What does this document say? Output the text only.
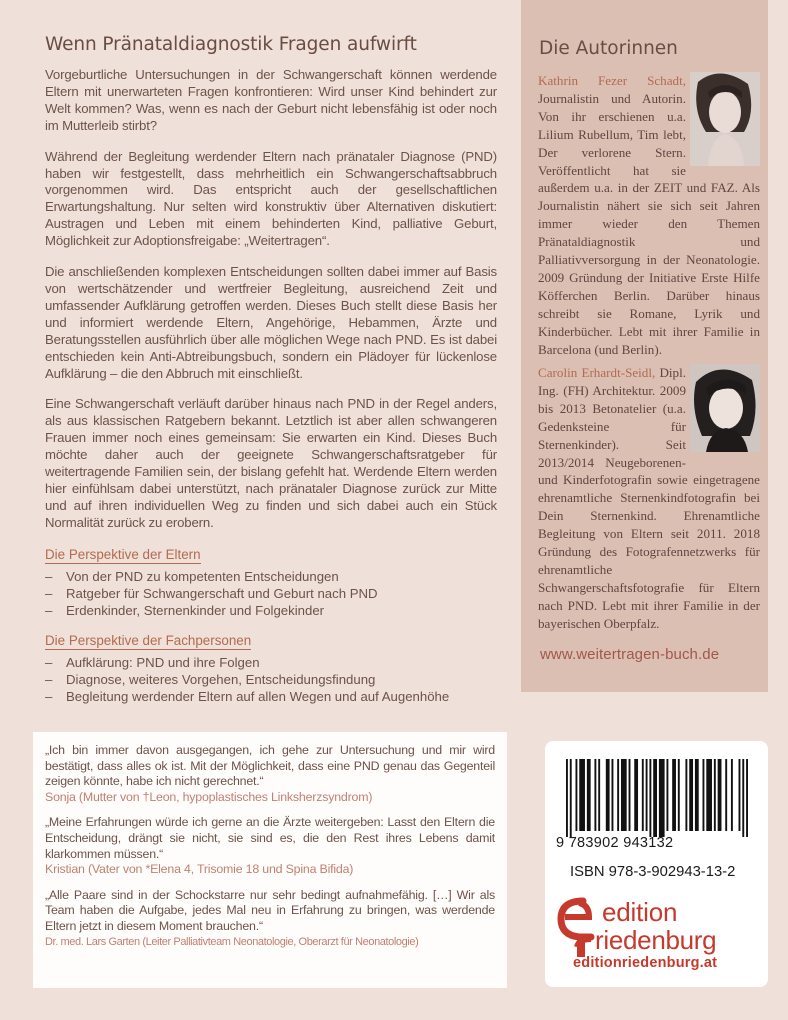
Wenn Pränataldiagnostik Fragen aufwirft

Vorgeburtliche Untersuchungen in der Schwangerschaft können werdende Eltern mit unerwarteten Fragen konfrontieren: Wird unser Kind behindert zur Welt kommen? Was, wenn es nach der Geburt nicht lebensfähig ist oder noch im Mutterleib stirbt?

Während der Begleitung werdender Eltern nach pränataler Diagnose (PND) haben wir festgestellt, dass mehrheitlich ein Schwangerschaftsabbruch vorgenommen wird. Das entspricht auch der gesellschaftlichen Erwartungshaltung. Nur selten wird konstruktiv über Alternativen diskutiert: Austragen und Leben mit einem behinderten Kind, palliative Geburt, Möglichkeit zur Adoptionsfreigabe: „Weitertragen“.

Die anschließenden komplexen Entscheidungen sollten dabei immer auf Basis von wertschätzender und wertfreier Begleitung, ausreichend Zeit und umfassender Aufklärung getroffen werden. Dieses Buch stellt diese Basis her und informiert werdende Eltern, Angehörige, Hebammen, Ärzte und Beratungsstellen ausführlich über alle möglichen Wege nach PND. Es ist dabei entschieden kein Anti-Abtreibungsbuch, sondern ein Plädoyer für lückenlose Aufklärung – die den Abbruch mit einschließt.

Eine Schwangerschaft verläuft darüber hinaus nach PND in der Regel anders, als aus klassischen Ratgebern bekannt. Letztlich ist aber allen schwangeren Frauen immer noch eines gemeinsam: Sie erwarten ein Kind. Dieses Buch möchte daher auch der geeignete Schwangerschaftsratgeber für weitertragende Familien sein, der bislang gefehlt hat. Werdende Eltern werden hier einfühlsam dabei unterstützt, nach pränataler Diagnose zurück zur Mitte und auf ihren individuellen Weg zu finden und sich dabei auch ein Stück Normalität zurück zu erobern.

Die Perspektive der Eltern
– Von der PND zu kompetenten Entscheidungen
– Ratgeber für Schwangerschaft und Geburt nach PND
– Erdenkinder, Sternenkinder und Folgekinder
Die Perspektive der Fachpersonen
– Aufklärung: PND und ihre Folgen
– Diagnose, weiteres Vorgehen, Entscheidungsfindung
– Begleitung werdender Eltern auf allen Wegen und auf Augenhöhe
„Ich bin immer davon ausgegangen, ich gehe zur Untersuchung und mir wird bestätigt, dass alles ok ist. Mit der Möglichkeit, dass eine PND genau das Gegenteil zeigen könnte, habe ich nicht gerechnet.“
Sonja (Mutter von †Leon, hypoplastisches Linksherzsyndrom)
„Meine Erfahrungen würde ich gerne an die Ärzte weitergeben: Lasst den Eltern die Entscheidung, drängt sie nicht, sie sind es, die den Rest ihres Lebens damit klarkommen müssen.“
Kristian (Vater von *Elena 4, Trisomie 18 und Spina Bifida)
„Alle Paare sind in der Schockstarre nur sehr bedingt aufnahmefähig. […] Wir als Team haben die Aufgabe, jedes Mal neu in Erfahrung zu bringen, was werdende Eltern jetzt in diesem Moment brauchen.“
Dr. med. Lars Garten (Leiter Palliativteam Neonatologie, Oberarzt für Neonatologie)
Die Autorinnen
Kathrin Fezer Schadt, Journalistin und Autorin. Von ihr erschienen u.a. Lilium Rubellum, Tim lebt, Der verlorene Stern. Veröffentlicht hat sie außerdem u.a. in der ZEIT und FAZ. Als Journalistin nähert sie sich seit Jahren immer wieder den Themen Pränataldiagnostik und Palliativversorgung in der Neonatologie. 2009 Gründung der Initiative Erste Hilfe Köfferchen Berlin. Darüber hinaus schreibt sie Romane, Lyrik und Kinderbücher. Lebt mit ihrer Familie in Barcelona (und Berlin).
Carolin Erhardt-Seidl, Dipl. Ing. (FH) Architektur. 2009 bis 2013 Betonatelier (u.a. Gedenksteine für Sternenkinder). Seit 2013/2014 Neugeborenen- und Kinderfotografin sowie eingetragene ehrenamtliche Sternenkindfotografin bei Dein Sternenkind. Ehrenamtliche Begleitung von Eltern seit 2011. 2018 Gründung des Fotografennetzwerks für ehrenamtliche Schwangerschaftsfotografie für Eltern nach PND. Lebt mit ihrer Familie in der bayerischen Oberpfalz.
www.weitertragen-buch.de
9 783902 943132
ISBN 978-3-902943-13-2
edition
riedenburg
editionriedenburg.at
